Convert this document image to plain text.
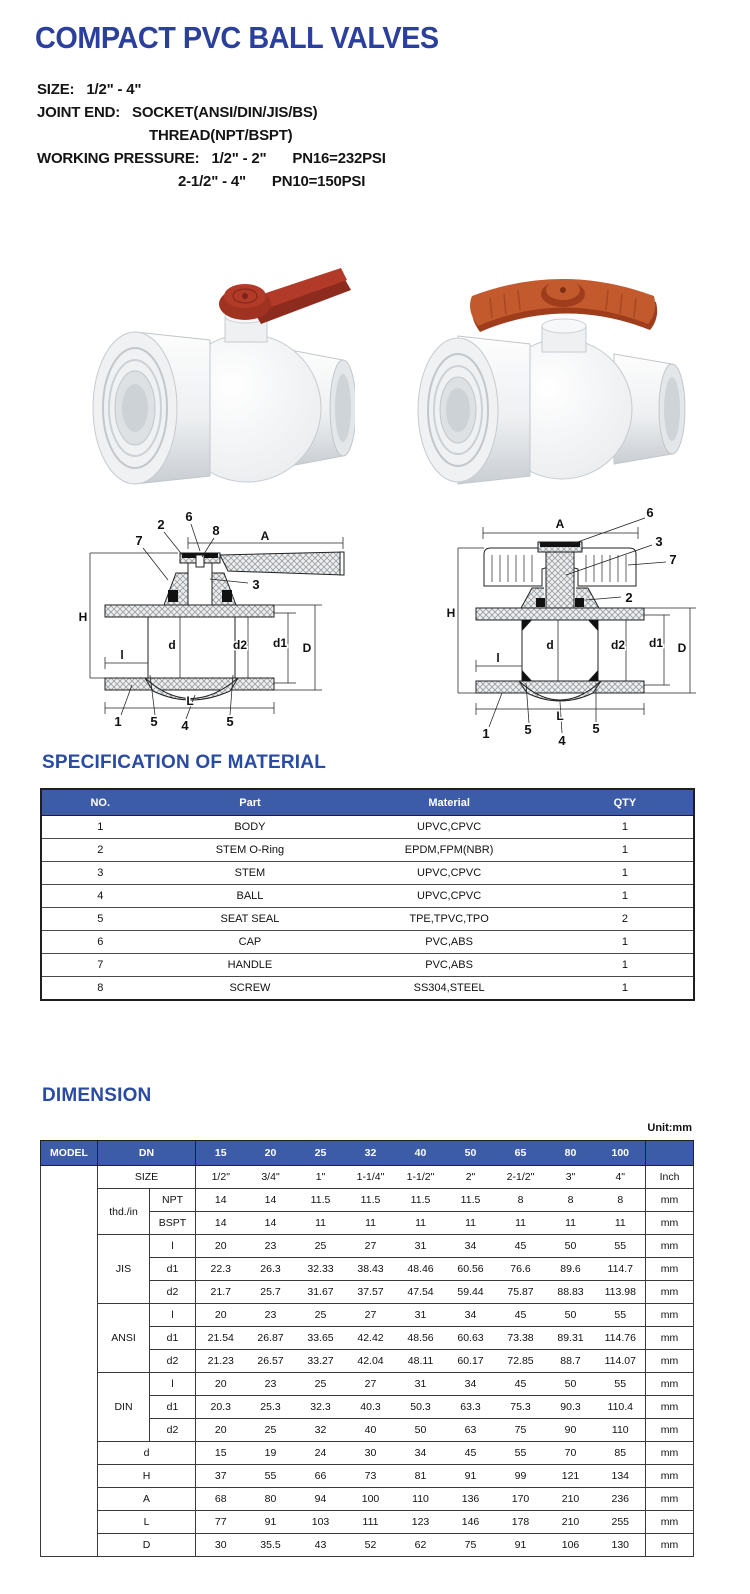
COMPACT PVC BALL VALVES
SIZE: 1/2" - 4"
JOINT END: SOCKET(ANSI/DIN/JIS/BS)
THREAD(NPT/BSPT)
WORKING PRESSURE: 1/2" - 2" PN16=232PSI
2-1/2" - 4" PN10=150PSI
7
2
6
8
3
1 5 4	5
A
H
d	d2 d1 D
l
L
6
3
7
2
1	5
4
5
A
H
d	d2 d1 D
l
L
SPECIFICATION OF MATERIAL
NO.	Part	Material	QTY
1	BODY	UPVC,CPVC	1
2	STEM O-Ring	EPDM,FPM(NBR)	1
3	STEM	UPVC,CPVC	1
4	BALL	UPVC,CPVC	1
5	SEAT SEAL	TPE,TPVC,TPO	2
6	CAP	PVC,ABS	1
7	HANDLE	PVC,ABS	1
8	SCREW	SS304,STEEL	1
DIMENSION
Unit:mm
MODEL	DN		15	20	25	32	40	50	65	80	100	
	SIZE		1/2"	3/4"	1"	1-1/4"	1-1/2"	2"	2-1/2"	3"	4"	Inch
	thd./in	NPT	14	14	11.5	11.5	11.5	11.5	8	8	8	mm
		BSPT	14	14	11	11	11	11	11	11	11	mm
	JIS	l	20	23	25	27	31	34	45	50	55	mm
		d1	22.3	26.3	32.33	38.43	48.46	60.56	76.6	89.6	114.7	mm
		d2	21.7	25.7	31.67	37.57	47.54	59.44	75.87	88.83	113.98	mm
	ANSI	l	20	23	25	27	31	34	45	50	55	mm
		d1	21.54	26.87	33.65	42.42	48.56	60.63	73.38	89.31	114.76	mm
		d2	21.23	26.57	33.27	42.04	48.11	60.17	72.85	88.7	114.07	mm
	DIN	l	20	23	25	27	31	34	45	50	55	mm
		d1	20.3	25.3	32.3	40.3	50.3	63.3	75.3	90.3	110.4	mm
		d2	20	25	32	40	50	63	75	90	110	mm
	d		15	19	24	30	34	45	55	70	85	mm
	H		37	55	66	73	81	91	99	121	134	mm
	A		68	80	94	100	110	136	170	210	236	mm
	L		77	91	103	111	123	146	178	210	255	mm
	D		30	35.5	43	52	62	75	91	106	130	mm
